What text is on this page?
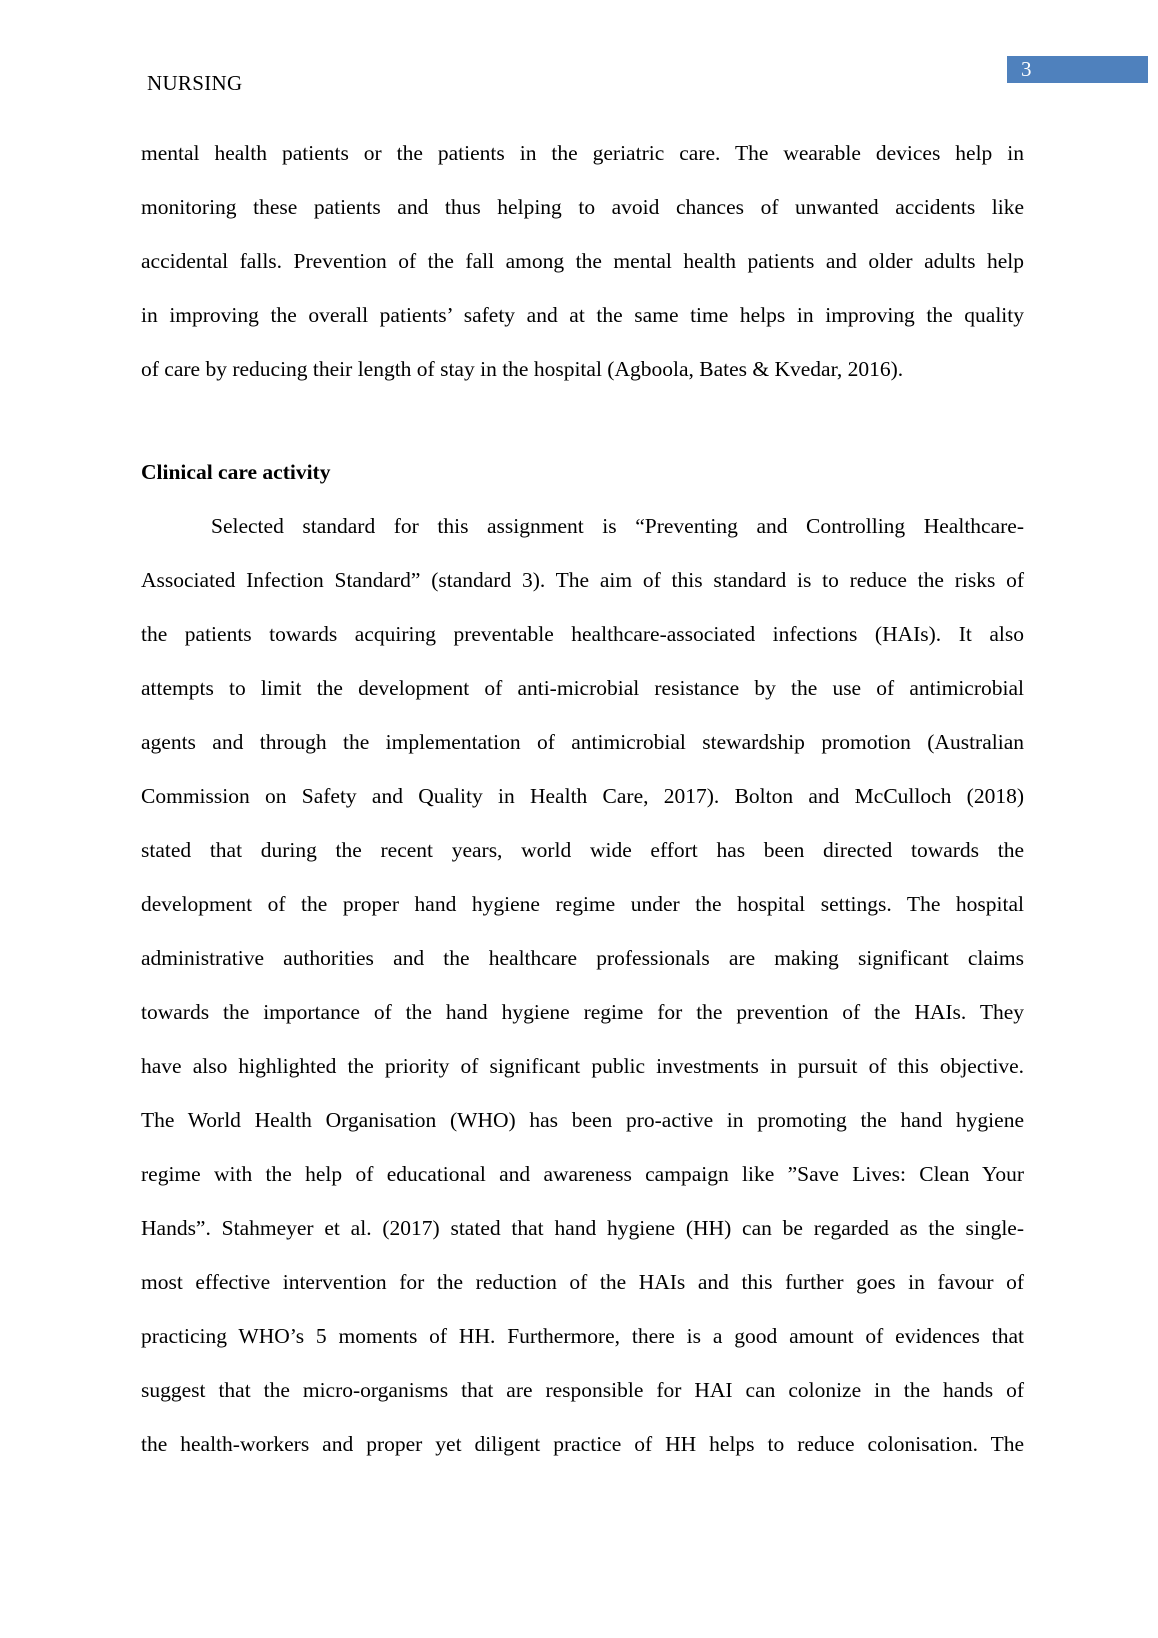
3
NURSING
mental health patients or the patients in the geriatric care. The wearable devices help in
monitoring these patients and thus helping to avoid chances of unwanted accidents like
accidental falls. Prevention of the fall among the mental health patients and older adults help
in improving the overall patients’ safety and at the same time helps in improving the quality
of care by reducing their length of stay in the hospital (Agboola, Bates & Kvedar, 2016).
Clinical care activity
Selected standard for this assignment is “Preventing and Controlling Healthcare-
Associated Infection Standard” (standard 3). The aim of this standard is to reduce the risks of
the patients towards acquiring preventable healthcare-associated infections (HAIs). It also
attempts to limit the development of anti-microbial resistance by the use of antimicrobial
agents and through the implementation of antimicrobial stewardship promotion (Australian
Commission on Safety and Quality in Health Care, 2017). Bolton and McCulloch (2018)
stated that during the recent years, world wide effort has been directed towards the
development of the proper hand hygiene regime under the hospital settings. The hospital
administrative authorities and the healthcare professionals are making significant claims
towards the importance of the hand hygiene regime for the prevention of the HAIs. They
have also highlighted the priority of significant public investments in pursuit of this objective.
The World Health Organisation (WHO) has been pro-active in promoting the hand hygiene
regime with the help of educational and awareness campaign like ”Save Lives: Clean Your
Hands”. Stahmeyer et al. (2017) stated that hand hygiene (HH) can be regarded as the single-
most effective intervention for the reduction of the HAIs and this further goes in favour of
practicing WHO’s 5 moments of HH. Furthermore, there is a good amount of evidences that
suggest that the micro-organisms that are responsible for HAI can colonize in the hands of
the health-workers and proper yet diligent practice of HH helps to reduce colonisation. The
